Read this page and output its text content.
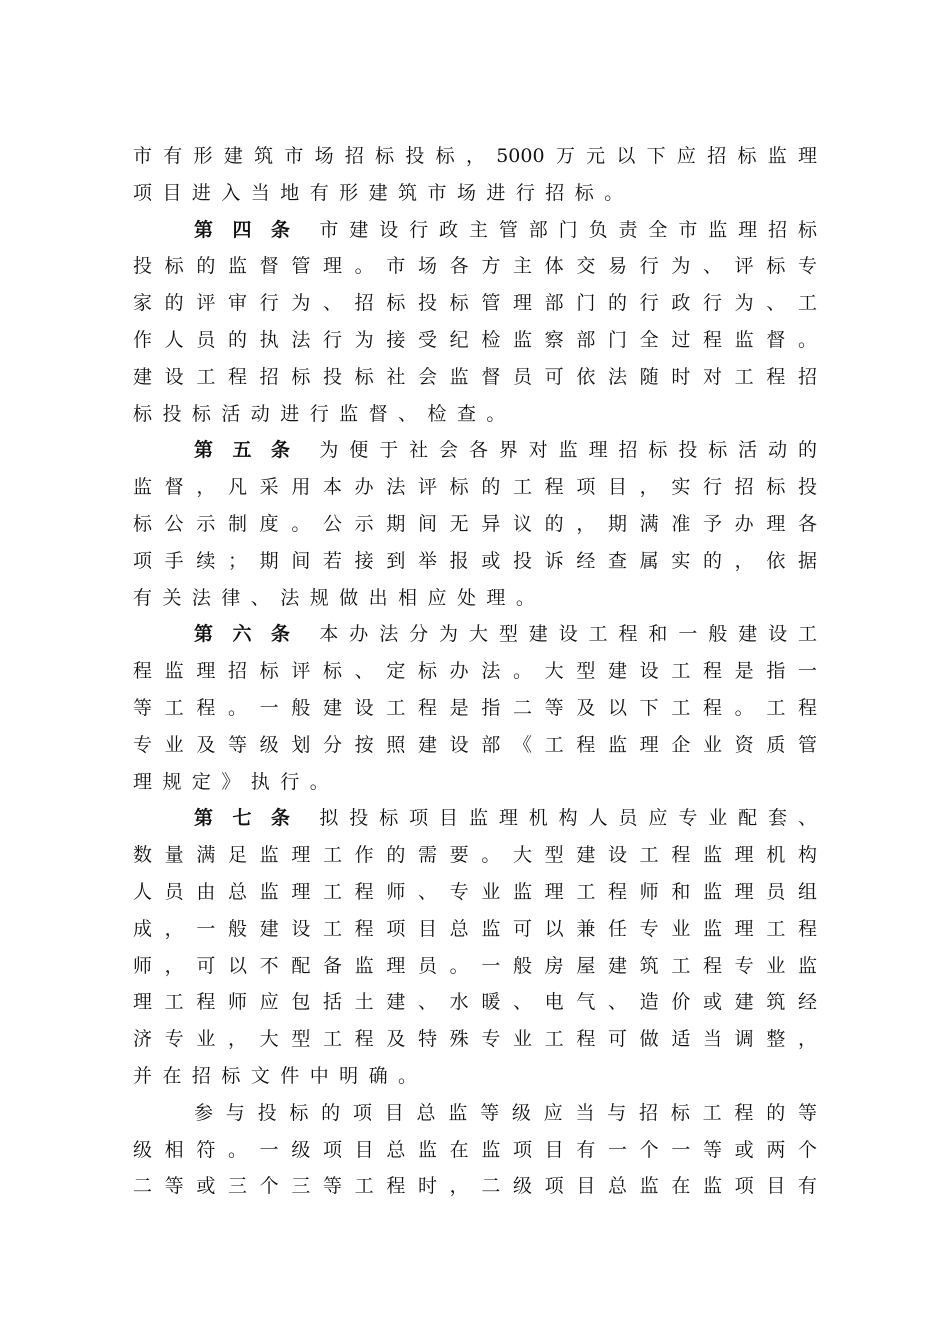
市有形建筑市场招标投标，5000万元以下应招标监理
项目进入当地有形建筑市场进行招标。
第四条 市建设行政主管部门负责全市监理招标
投标的监督管理。市场各方主体交易行为、评标专
家的评审行为、招标投标管理部门的行政行为、工
作人员的执法行为接受纪检监察部门全过程监督。
建设工程招标投标社会监督员可依法随时对工程招
标投标活动进行监督、检查。
第五条 为便于社会各界对监理招标投标活动的
监督，凡采用本办法评标的工程项目，实行招标投
标公示制度。公示期间无异议的，期满准予办理各
项手续；期间若接到举报或投诉经查属实的，依据
有关法律、法规做出相应处理。
第六条 本办法分为大型建设工程和一般建设工
程监理招标评标、定标办法。大型建设工程是指一
等工程。一般建设工程是指二等及以下工程。工程
专业及等级划分按照建设部《工程监理企业资质管
理规定》执行。
第七条 拟投标项目监理机构人员应专业配套、
数量满足监理工作的需要。大型建设工程监理机构
人员由总监理工程师、专业监理工程师和监理员组
成，一般建设工程项目总监可以兼任专业监理工程
师，可以不配备监理员。一般房屋建筑工程专业监
理工程师应包括土建、水暖、电气、造价或建筑经
济专业，大型工程及特殊专业工程可做适当调整，
并在招标文件中明确。
参与投标的项目总监等级应当与招标工程的等
级相符。一级项目总监在监项目有一个一等或两个
二等或三个三等工程时，二级项目总监在监项目有
